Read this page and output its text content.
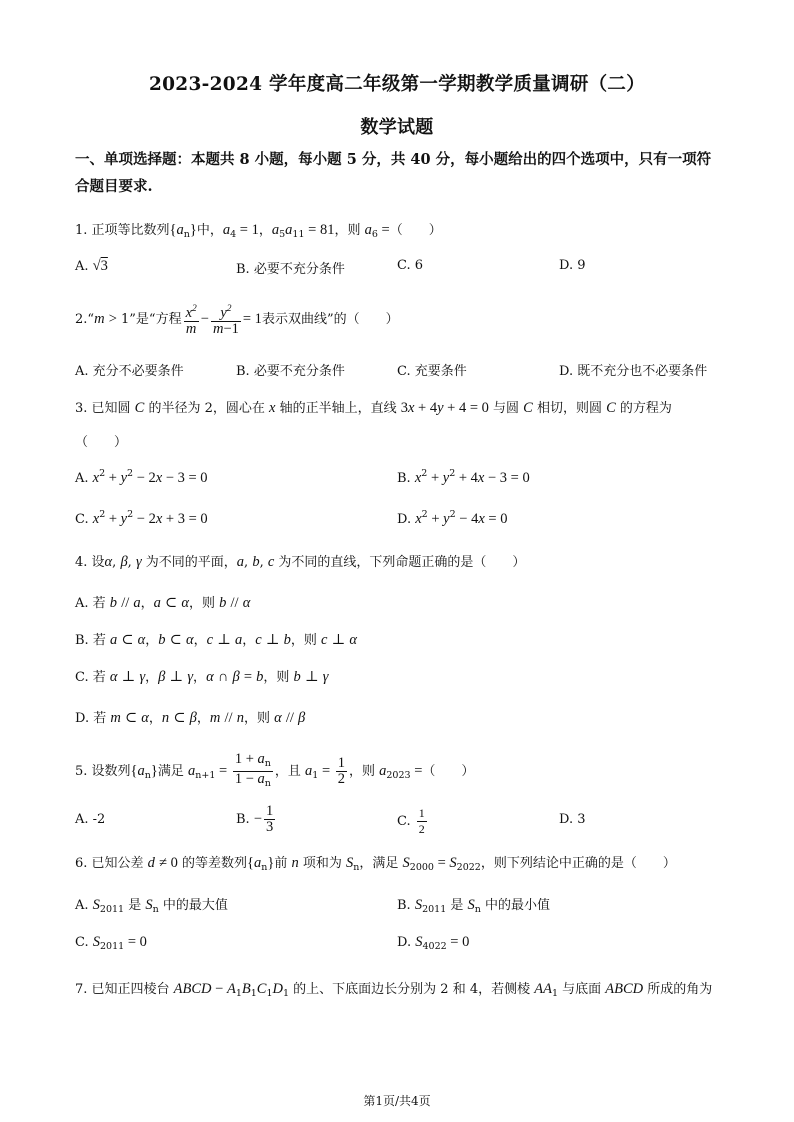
2023-2024 学年度高二年级第一学期教学质量调研（二）
数学试题
一、单项选择题：本题共 8 小题，每小题 5 分，共 40 分，每小题给出的四个选项中，只有一项符合题目要求.
1. 正项等比数列$\{a_n\}$中，$a_4 = 1$，$a_5a_{11} = 81$，则 $a_6$ =（　　）
A. √3	B. 必要不充分条件	C. 6	D. 9
2.“m > 1”是“方程 $\frac{x^2}{m} - \frac{y^2}{m-1} = 1$表示双曲线”的（　　）
A. 充分不必要条件	B. 必要不充分条件	C. 充要条件	D. 既不充分也不必要条件
3. 已知圆 C 的半径为 2，圆心在 x 轴的正半轴上，直线 3x + 4y + 4 = 0 与圆 C 相切，则圆 C 的方程为
（　　）
A. $x^2 + y^2 - 2x - 3 = 0$	B. $x^2 + y^2 + 4x - 3 = 0$
C. $x^2 + y^2 - 2x + 3 = 0$	D. $x^2 + y^2 - 4x = 0$
4. 设α, β, γ 为不同的平面，a, b, c 为不同的直线，下列命题正确的是（　　）
A. 若 b // a，a ⊂ α，则 b // α
B. 若 a ⊂ α，b ⊂ α，c ⊥ a，c ⊥ b，则 c ⊥ α
C. 若 α ⊥ γ，β ⊥ γ，α ∩ β = b，则 b ⊥ γ
D. 若 m ⊂ α，n ⊂ β，m // n，则 α // β
5. 设数列$\{a_n\}$满足 $a_{n+1} = \frac{1 + a_n}{1 - a_n}$ ，且 $a_1 = \frac{1}{2}$ ，则 $a_{2023}$ =（　　）
A. -2	B. − $\frac{1}{3}$	C. $\frac{1}{2}$	D. 3
6. 已知公差 d ≠ 0 的等差数列$\{a_n\}$前 n 项和为 $S_n$，满足 $S_{2000} = S_{2022}$，则下列结论中正确的是（　　）
A. $S_{2011}$ 是 $S_n$ 中的最大值	B. $S_{2011}$ 是 $S_n$ 中的最小值
C. $S_{2011} = 0$	D. $S_{4022} = 0$
7. 已知正四棱台 ABCD − $A_1B_1C_1D_1$ 的上、下底面边长分别为 2 和 4，若侧棱 $AA_1$ 与底面 ABCD 所成的角为
第1页/共4页
